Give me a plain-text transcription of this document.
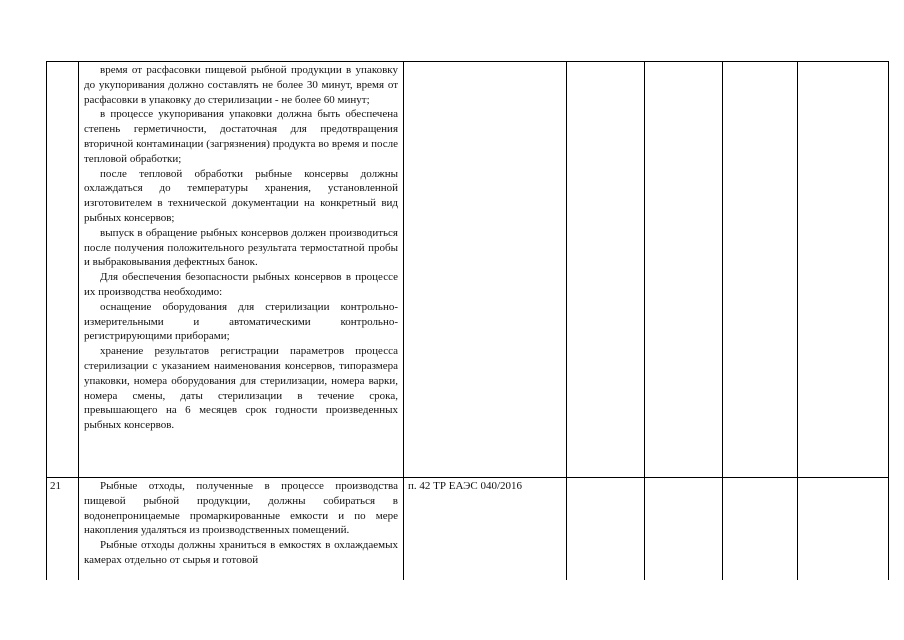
время от расфасовки пищевой рыбной продукции в упаковку до укупоривания должно составлять не более 30 минут, время от расфасовки в упаковку до стерилизации - не более 60 минут;

в процессе укупоривания упаковки должна быть обеспечена степень герметичности, достаточная для предотвращения вторичной контаминации (загрязнения) продукта во время и после тепловой обработки;

после тепловой обработки рыбные консервы должны охлаждаться до температуры хранения, установленной изготовителем в технической документации на конкретный вид рыбных консервов;

выпуск в обращение рыбных консервов должен производиться после получения положительного результата термостатной пробы и выбраковывания дефектных банок.

Для обеспечения безопасности рыбных консервов в процессе их производства необходимо:

оснащение оборудования для стерилизации контрольно-измерительными и автоматическими контрольно-регистрирующими приборами;

хранение результатов регистрации параметров процесса стерилизации с указанием наименования консервов, типоразмера упаковки, номера оборудования для стерилизации, номера варки, номера смены, даты стерилизации в течение срока, превышающего на 6 месяцев срок годности произведенных рыбных консервов.

21	Рыбные отходы, полученные в процессе производства пищевой рыбной продукции, должны собираться в водонепроницаемые промаркированные емкости и по мере накопления удаляться из производственных помещений.

Рыбные отходы должны храниться в емкостях в охлаждаемых камерах отдельно от сырья и готовой

п. 42 ТР ЕАЭС 040/2016
